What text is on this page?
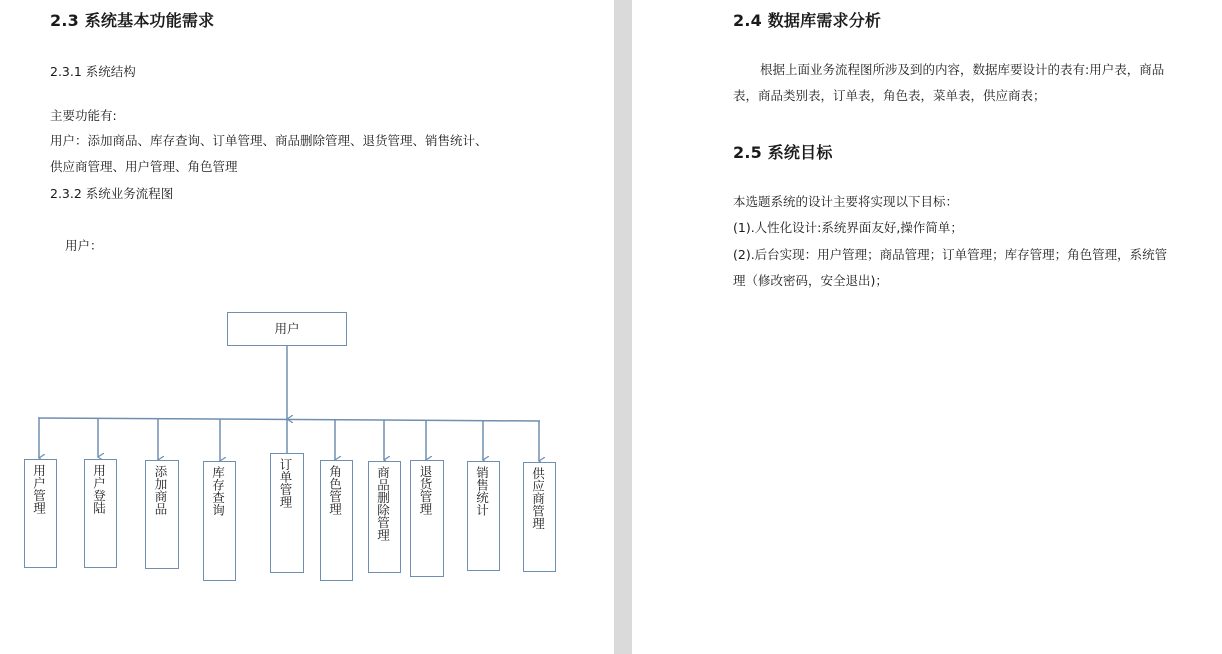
2.3 系统基本功能需求
2.3.1 系统结构
主要功能有:
用户：添加商品、库存查询、订单管理、商品删除管理、退货管理、销售统计、
供应商管理、用户管理、角色管理
2.3.2 系统业务流程图
用户：
用户
用户管理	用户登陆	添加商品	库存查询	订单管理	角色管理	商品删除管理 退货管理	销售统计	供应商管理
2.4 数据库需求分析
根据上面业务流程图所涉及到的内容，数据库要设计的表有:用户表，商品
表，商品类别表，订单表，角色表，菜单表，供应商表；
2.5 系统目标
本选题系统的设计主要将实现以下目标：
(1).人性化设计:系统界面友好,操作简单；
(2).后台实现：用户管理；商品管理；订单管理；库存管理；角色管理，系统管
理（修改密码，安全退出)；
